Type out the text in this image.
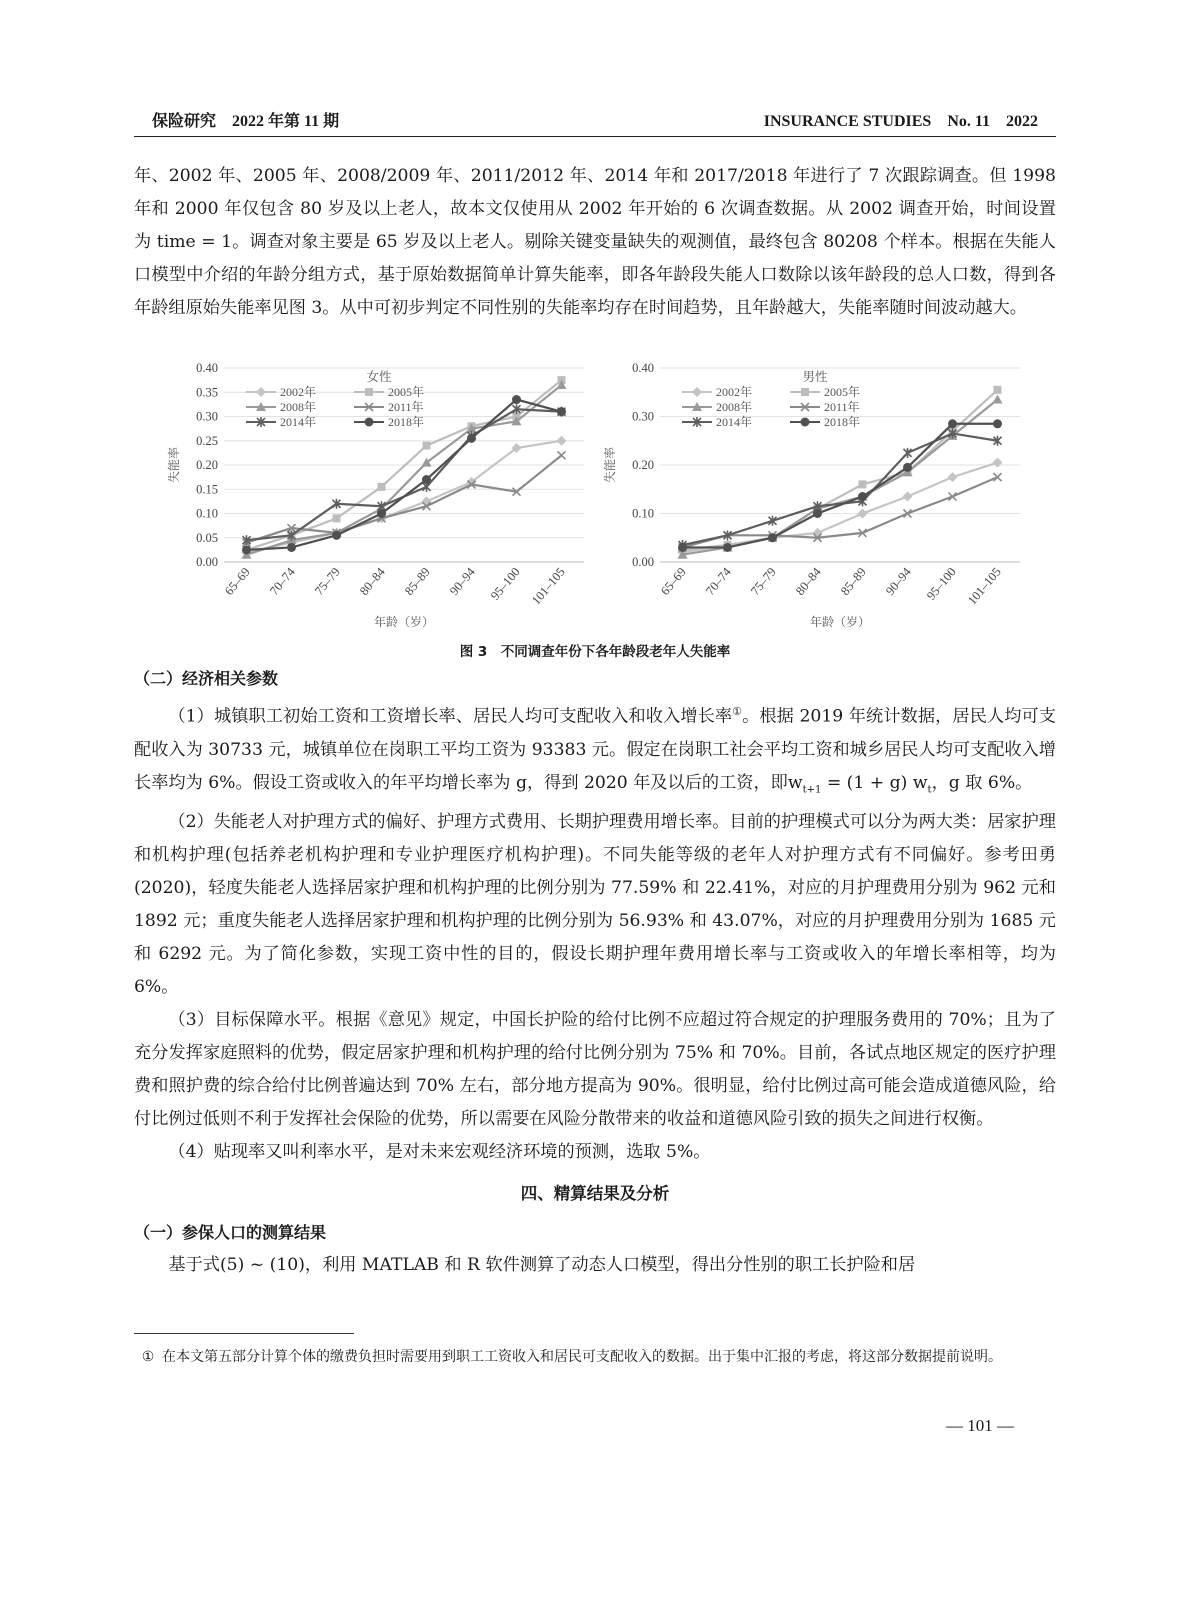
保险研究　2022 年第 11 期	INSURANCE STUDIES　No. 11　2022

年、2002 年、2005 年、2008/2009 年、2011/2012 年、2014 年和 2017/2018 年进行了 7 次跟踪调查。但 1998 年和 2000 年仅包含 80 岁及以上老人，故本文仅使用从 2002 年开始的 6 次调查数据。从 2002 调查开始，时间设置为 time = 1。调查对象主要是 65 岁及以上老人。剔除关键变量缺失的观测值，最终包含 80208 个样本。根据在失能人口模型中介绍的年龄分组方式，基于原始数据简单计算失能率，即各年龄段失能人口数除以该年龄段的总人口数，得到各年龄组原始失能率见图 3。从中可初步判定不同性别的失能率均存在时间趋势，且年龄越大，失能率随时间波动越大。

0.00
0.05
0.10
0.15
0.20
0.25
0.30
0.35
0.40
65–69 70–74 75–79 80–84 85–89 90–94 95–100 101–105
失能率
年龄（岁）
女性
2002年	2005年
2008年	2011年
2014年	2018年
0.00
0.10
0.20
0.30
0.40
65–69 70–74 75–79 80–84 85–89 90–94 95–100 101–105
失能率
年龄（岁）
男性
2002年	2005年
2008年	2011年
2014年	2018年
图 3　不同调查年份下各年龄段老年人失能率

（二）经济相关参数

（1）城镇职工初始工资和工资增长率、居民人均可支配收入和收入增长率①。根据 2019 年统计数据，居民人均可支配收入为 30733 元，城镇单位在岗职工平均工资为 93383 元。假定在岗职工社会平均工资和城乡居民人均可支配收入增长率均为 6%。假设工资或收入的年平均增长率为 g，得到 2020 年及以后的工资，即$w_{t+1} = (1 + g)$ $w_t$，g 取 6%。

（2）失能老人对护理方式的偏好、护理方式费用、长期护理费用增长率。目前的护理模式可以分为两大类：居家护理和机构护理(包括养老机构护理和专业护理医疗机构护理)。不同失能等级的老年人对护理方式有不同偏好。参考田勇(2020)，轻度失能老人选择居家护理和机构护理的比例分别为 77.59% 和 22.41%，对应的月护理费用分别为 962 元和 1892 元；重度失能老人选择居家护理和机构护理的比例分别为 56.93% 和 43.07%，对应的月护理费用分别为 1685 元和 6292 元。为了简化参数，实现工资中性的目的，假设长期护理年费用增长率与工资或收入的年增长率相等，均为 6%。

（3）目标保障水平。根据《意见》规定，中国长护险的给付比例不应超过符合规定的护理服务费用的 70%；且为了充分发挥家庭照料的优势，假定居家护理和机构护理的给付比例分别为 75% 和 70%。目前，各试点地区规定的医疗护理费和照护费的综合给付比例普遍达到 70% 左右，部分地方提高为 90%。很明显，给付比例过高可能会造成道德风险，给付比例过低则不利于发挥社会保险的优势，所以需要在风险分散带来的收益和道德风险引致的损失之间进行权衡。

（4）贴现率又叫利率水平，是对未来宏观经济环境的预测，选取 5%。

四、精算结果及分析

（一）参保人口的测算结果

基于式(5) ~ (10)，利用 MATLAB 和 R 软件测算了动态人口模型，得出分性别的职工长护险和居

① 在本文第五部分计算个体的缴费负担时需要用到职工工资收入和居民可支配收入的数据。出于集中汇报的考虑，将这部分数据提前说明。
— 101 —
